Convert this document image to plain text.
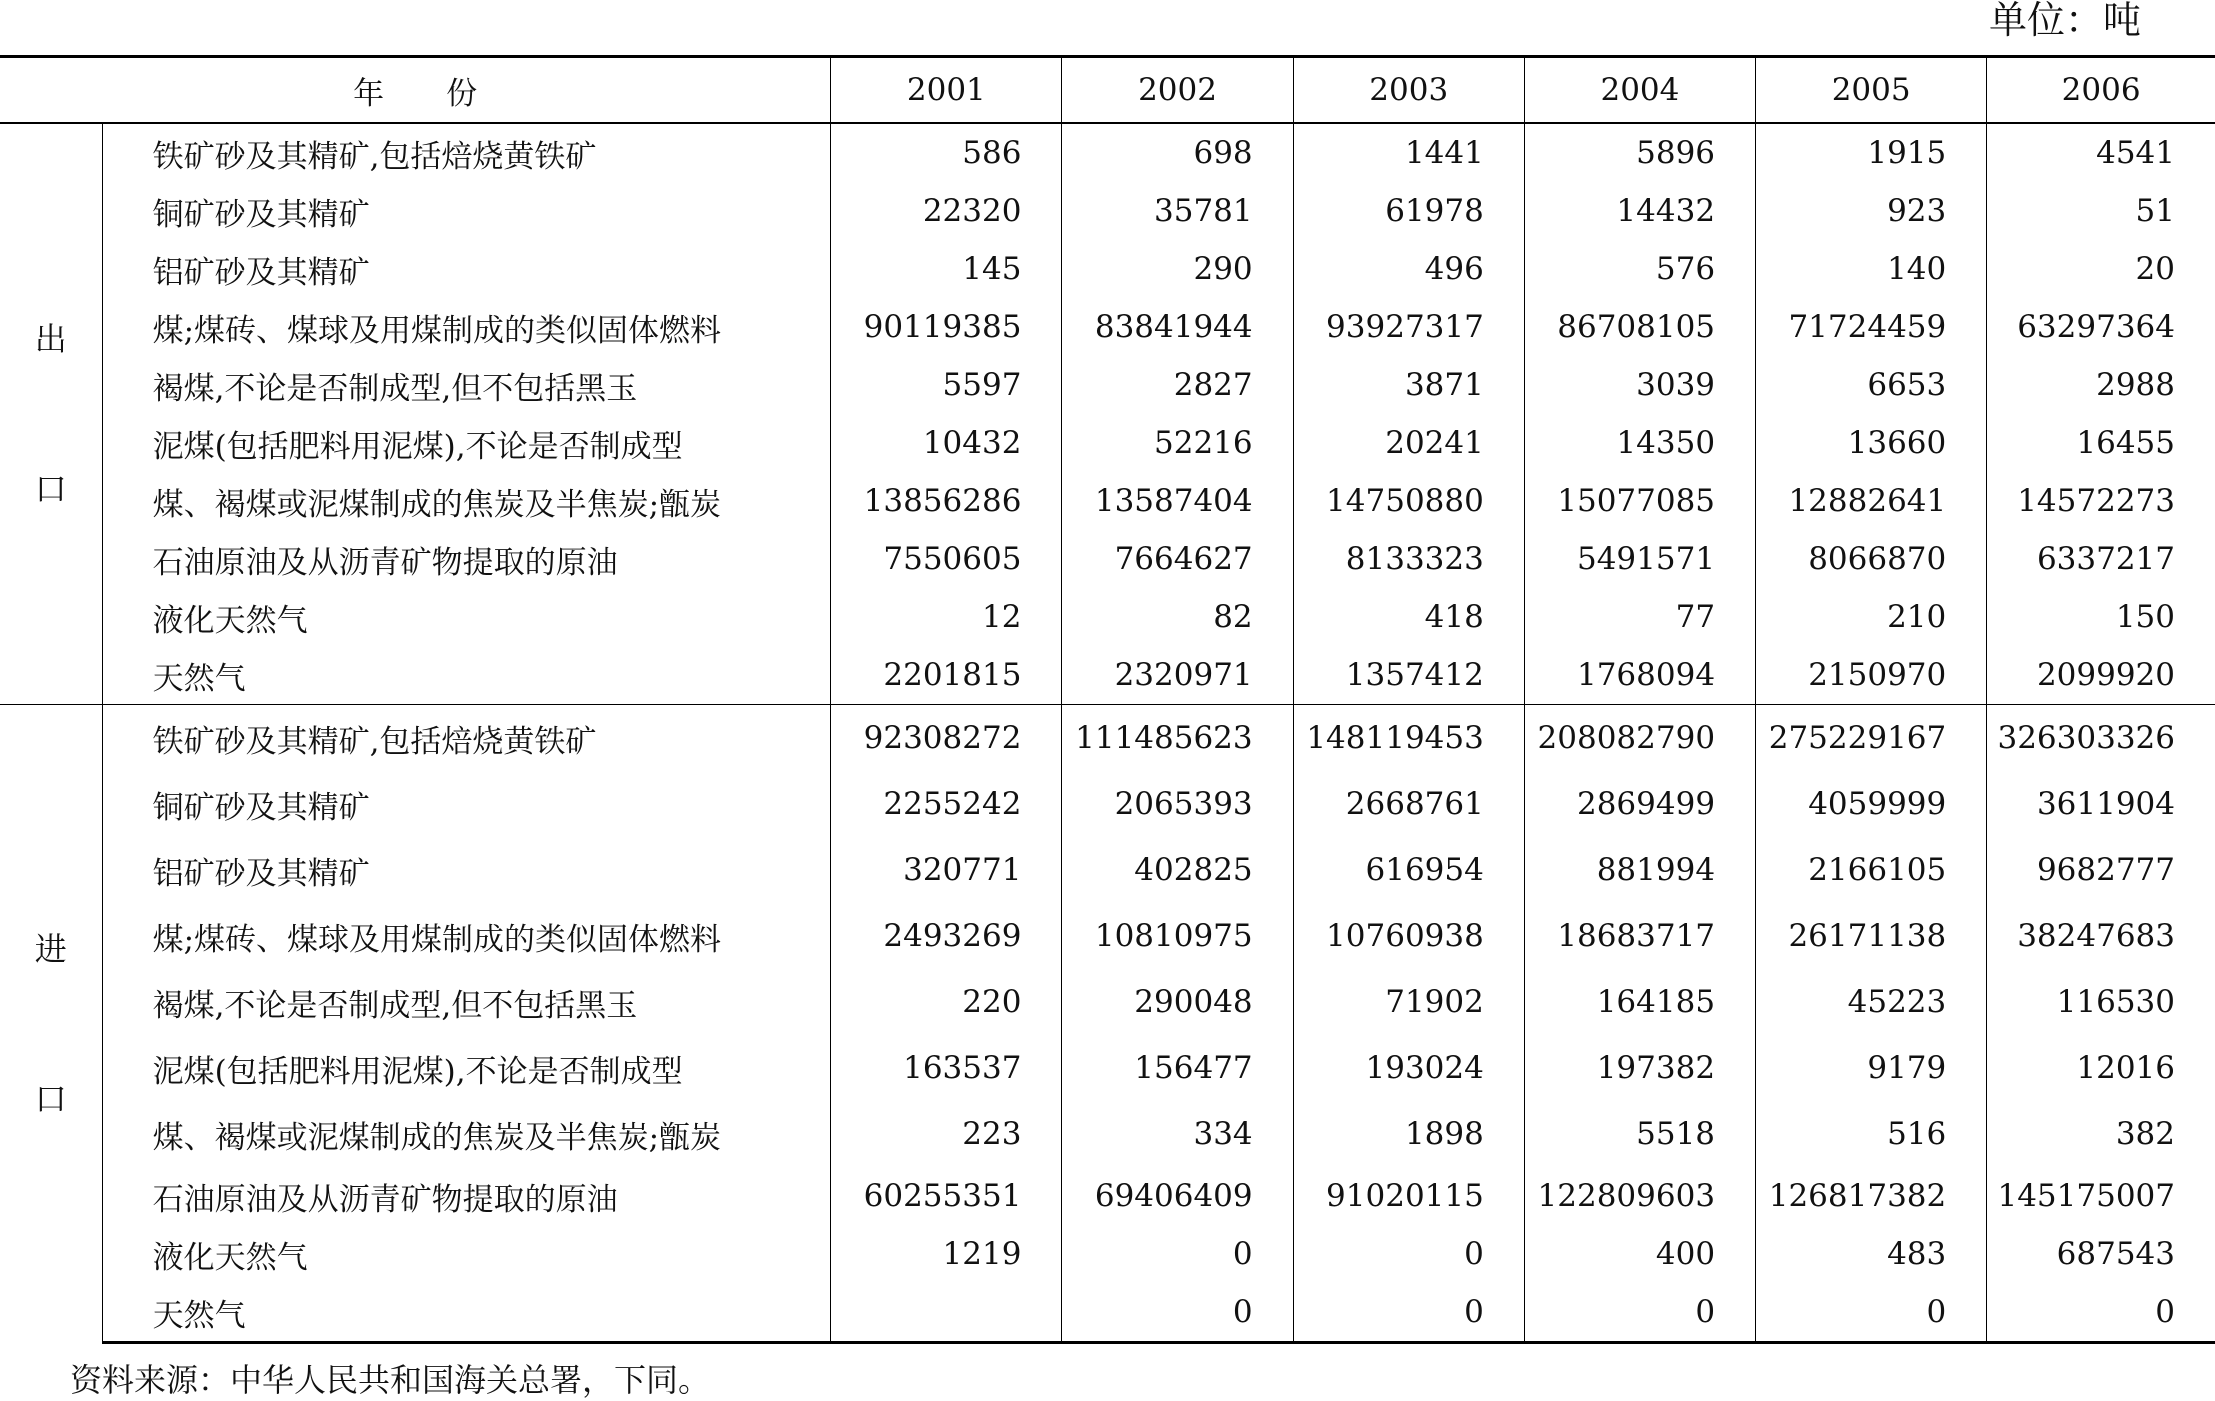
单位：吨
年　　份		2001	2002	2003	2004	2005	2006

出
口	铁矿砂及其精矿,包括焙烧黄铁矿	586	698	1441	5896	1915	4541
	铜矿砂及其精矿	22320	35781	61978	14432	923	51
	铝矿砂及其精矿	145	290	496	576	140	20
	煤;煤砖、煤球及用煤制成的类似固体燃料	90119385	83841944	93927317	86708105	71724459	63297364
	褐煤,不论是否制成型,但不包括黑玉	5597	2827	3871	3039	6653	2988
	泥煤(包括肥料用泥煤),不论是否制成型	10432	52216	20241	14350	13660	16455
	煤、褐煤或泥煤制成的焦炭及半焦炭;甑炭	13856286	13587404	14750880	15077085	12882641	14572273
	石油原油及从沥青矿物提取的原油	7550605	7664627	8133323	5491571	8066870	6337217
	液化天然气	12	82	418	77	210	150
	天然气	2201815	2320971	1357412	1768094	2150970	2099920

进
口	铁矿砂及其精矿,包括焙烧黄铁矿	92308272	111485623	148119453	208082790	275229167	326303326
	铜矿砂及其精矿	2255242	2065393	2668761	2869499	4059999	3611904
	铝矿砂及其精矿	320771	402825	616954	881994	2166105	9682777
	煤;煤砖、煤球及用煤制成的类似固体燃料	2493269	10810975	10760938	18683717	26171138	38247683
	褐煤,不论是否制成型,但不包括黑玉	220	290048	71902	164185	45223	116530
	泥煤(包括肥料用泥煤),不论是否制成型	163537	156477	193024	197382	9179	12016
	煤、褐煤或泥煤制成的焦炭及半焦炭;甑炭	223	334	1898	5518	516	382
	石油原油及从沥青矿物提取的原油	60255351	69406409	91020115	122809603	126817382	145175007
	液化天然气	1219	0	0	400	483	687543
	天然气		0	0	0	0	0
资料来源：中华人民共和国海关总署，下同。
